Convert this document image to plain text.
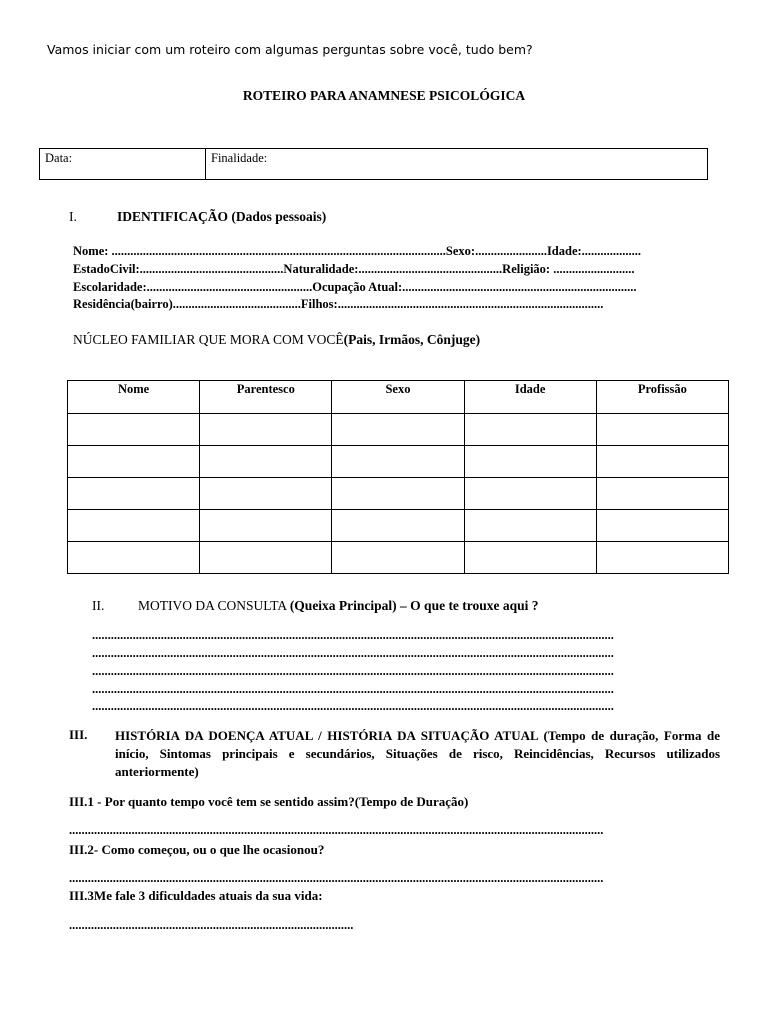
Vamos iniciar com um roteiro com algumas perguntas sobre você, tudo bem?
ROTEIRO PARA ANAMNESE PSICOLÓGICA
Data:	Finalidade:
I.	IDENTIFICAÇÃO (Dados pessoais)
Nome: ...........................................................................................................Sexo:.......................Idade:...................
EstadoCivil:..............................................Naturalidade:..............................................Religião: ..........................
Escolaridade:.....................................................Ocupação Atual:...........................................................................
Residência(bairro).........................................Filhos:.....................................................................................
NÚCLEO FAMILIAR QUE MORA COM VOCÊ(Pais, Irmãos, Cônjuge)
Nome	Parentesco	Sexo	Idade	Profissão

II. MOTIVO DA CONSULTA (Queixa Principal) – O que te trouxe aqui ?
.......................................................................................................................................................................
.......................................................................................................................................................................
.......................................................................................................................................................................
.......................................................................................................................................................................
.......................................................................................................................................................................
III. HISTÓRIA DA DOENÇA ATUAL / HISTÓRIA DA SITUAÇÃO ATUAL (Tempo de duração, Forma de início, Sintomas principais e secundários, Situações de risco, Reincidências, Recursos utilizados anteriormente)
III.1 - Por quanto tempo você tem se sentido assim?(Tempo de Duração)
...........................................................................................................................................................................
III.2- Como começou, ou o que lhe ocasionou?
...........................................................................................................................................................................
III.3Me fale 3 dificuldades atuais da sua vida:
...........................................................................................
